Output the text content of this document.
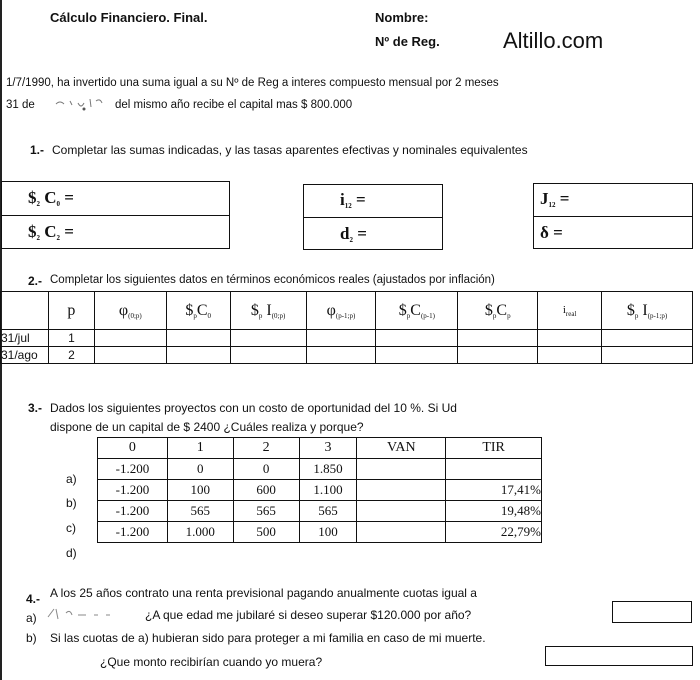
Cálculo Financiero. Final.	Nombre:
Nº de Reg.	Altillo.com
1/7/1990, ha invertido una suma igual a su Nº de Reg a interes compuesto mensual por 2 meses
31 de	del mismo año recibe el capital mas $ 800.000
1.- Completar las sumas indicadas, y las tasas aparentes efectivas y nominales equivalentes
$\$_2$ $C_0$ =
$\$_2$ $C_2$ =
$i_{12}$ =
$d_2$ =
$J_{12}$ =
δ =
2.- Completar los siguientes datos en términos económicos reales (ajustados por inflación)
	p	$\varphi_{(0;p)}$	$\$_pC_0$	$\$_p$ $I_{(0;p)}$	$\varphi_{(p-1;p)}$	$\$_pC_{(p-1)}$	$\$_pC_p$	$i_{real}$	$\$_p$ $I_{(p-1;p)}$
31/jul	1								
31/ago	2								
3.- Dados los siguientes proyectos con un costo de oportunidad del 10 %. Si Ud
dispone de un capital de $ 2400 ¿Cuáles realiza y porque?
0	1	2	3	VAN	TIR
-1.200	0	0	1.850		
-1.200	100	600	1.100		17,41%
-1.200	565	565	565		19,48%
-1.200	1.000	500	100		22,79%
a)
b)
c)
d)
4.- A los 25 años contrato una renta previsional pagando anualmente cuotas igual a
a)	¿A que edad me jubilaré si deseo superar $120.000 por año?
b) Si las cuotas de a) hubieran sido para proteger a mi familia en caso de mi muerte.
¿Que monto recibirían cuando yo muera?
